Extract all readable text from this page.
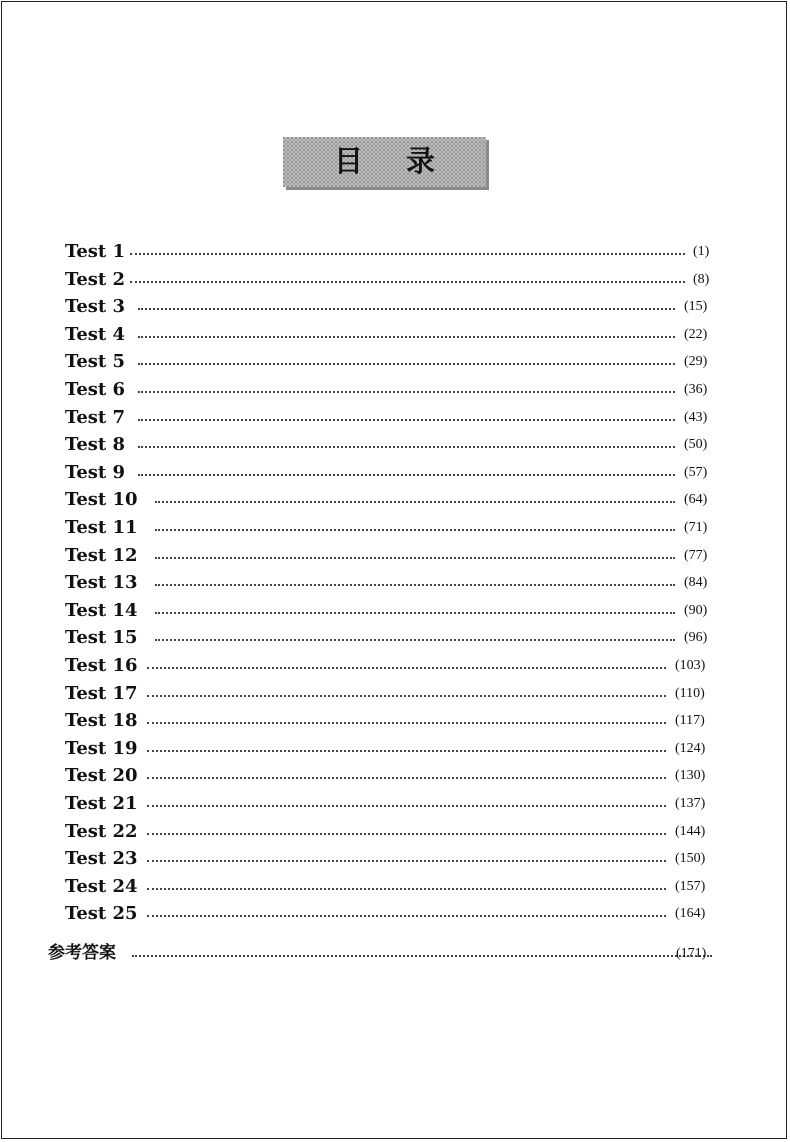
目 录
Test 1	(1)
Test 2	(8)
Test 3	(15)
Test 4	(22)
Test 5	(29)
Test 6	(36)
Test 7	(43)
Test 8	(50)
Test 9	(57)
Test 10	(64)
Test 11	(71)
Test 12	(77)
Test 13	(84)
Test 14	(90)
Test 15	(96)
Test 16	(103)
Test 17	(110)
Test 18	(117)
Test 19	(124)
Test 20	(130)
Test 21	(137)
Test 22	(144)
Test 23	(150)
Test 24	(157)
Test 25	(164)
参考答案	(171)
